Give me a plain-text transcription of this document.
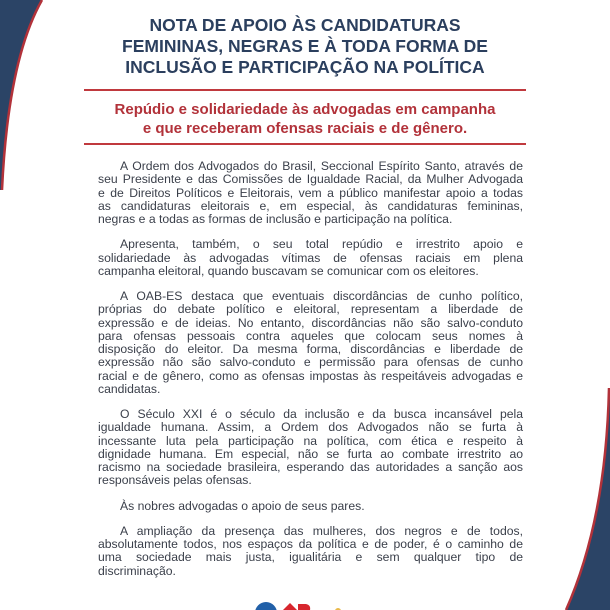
NOTA DE APOIO ÀS CANDIDATURAS
FEMININAS, NEGRAS E À TODA FORMA DE
INCLUSÃO E PARTICIPAÇÃO NA POLÍTICA
Repúdio e solidariedade às advogadas em campanha
e que receberam ofensas raciais e de gênero.
A Ordem dos Advogados do Brasil, Seccional Espírito Santo, através de
seu Presidente e das Comissões de Igualdade Racial, da Mulher Advogada
e de Direitos Políticos e Eleitorais, vem a público manifestar apoio a todas
as candidaturas eleitorais e, em especial, às candidaturas femininas,
negras e a todas as formas de inclusão e participação na política.
Apresenta, também, o seu total repúdio e irrestrito apoio e
solidariedade às advogadas vítimas de ofensas raciais em plena
campanha eleitoral, quando buscavam se comunicar com os eleitores.
A OAB-ES destaca que eventuais discordâncias de cunho político,
próprias do debate político e eleitoral, representam a liberdade de
expressão e de ideias. No entanto, discordâncias não são salvo-conduto
para ofensas pessoais contra aqueles que colocam seus nomes à
disposição do eleitor. Da mesma forma, discordâncias e liberdade de
expressão não são salvo-conduto e permissão para ofensas de cunho
racial e de gênero, como as ofensas impostas às respeitáveis advogadas e
candidatas.
O Século XXI é o século da inclusão e da busca incansável pela
igualdade humana. Assim, a Ordem dos Advogados não se furta à
incessante luta pela participação na política, com ética e respeito à
dignidade humana. Em especial, não se furta ao combate irrestrito ao
racismo na sociedade brasileira, esperando das autoridades a sanção aos
responsáveis pelas ofensas.
Às nobres advogadas o apoio de seus pares.
A ampliação da presença das mulheres, dos negros e de todos,
absolutamente todos, nos espaços da política e de poder, é o caminho de
uma sociedade mais justa, igualitária e sem qualquer tipo de
discriminação.
